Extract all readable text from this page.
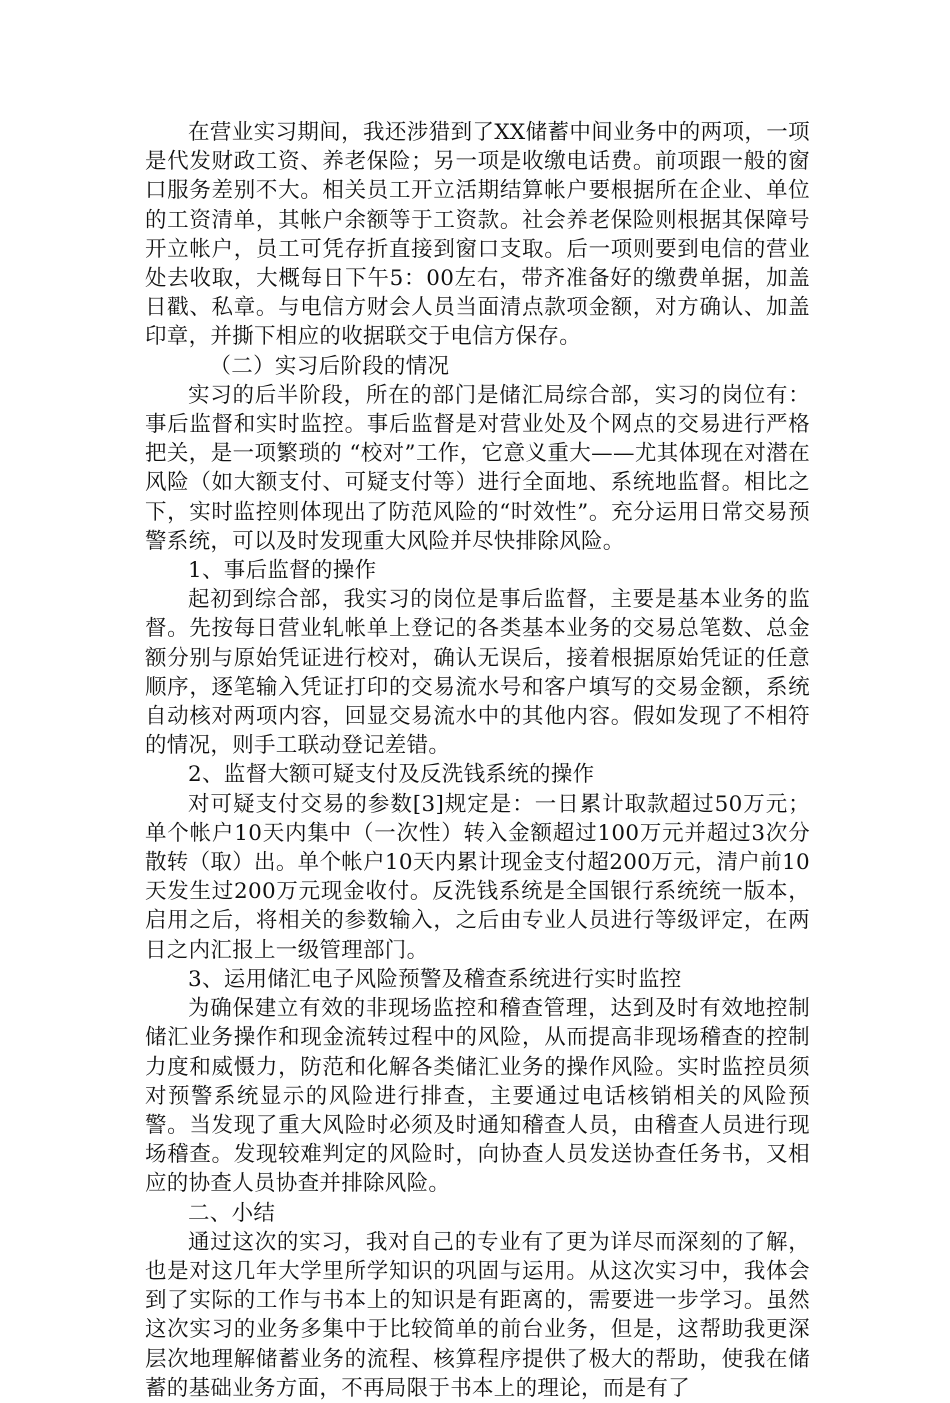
在营业实习期间，我还涉猎到了XX储蓄中间业务中的两项，一项是代发财政工资、养老保险；另一项是收缴电话费。前项跟一般的窗口服务差别不大。相关员工开立活期结算帐户要根据所在企业、单位的工资清单，其帐户余额等于工资款。社会养老保险则根据其保障号开立帐户，员工可凭存折直接到窗口支取。后一项则要到电信的营业处去收取，大概每日下午5：00左右，带齐准备好的缴费单据，加盖日戳、私章。与电信方财会人员当面清点款项金额，对方确认、加盖印章，并撕下相应的收据联交于电信方保存。

（二）实习后阶段的情况

实习的后半阶段，所在的部门是储汇局综合部，实习的岗位有：事后监督和实时监控。事后监督是对营业处及个网点的交易进行严格把关，是一项繁琐的 “校对”工作，它意义重大——尤其体现在对潜在风险（如大额支付、可疑支付等）进行全面地、系统地监督。相比之下，实时监控则体现出了防范风险的“时效性”。充分运用日常交易预警系统，可以及时发现重大风险并尽快排除风险。

1、事后监督的操作

起初到综合部，我实习的岗位是事后监督，主要是基本业务的监督。先按每日营业轧帐单上登记的各类基本业务的交易总笔数、总金额分别与原始凭证进行校对，确认无误后，接着根据原始凭证的任意顺序，逐笔输入凭证打印的交易流水号和客户填写的交易金额，系统自动核对两项内容，回显交易流水中的其他内容。假如发现了不相符的情况，则手工联动登记差错。

2、监督大额可疑支付及反洗钱系统的操作

对可疑支付交易的参数[3]规定是：一日累计取款超过50万元；单个帐户10天内集中（一次性）转入金额超过100万元并超过3次分散转（取）出。单个帐户10天内累计现金支付超200万元，清户前10天发生过200万元现金收付。反洗钱系统是全国银行系统统一版本，启用之后，将相关的参数输入，之后由专业人员进行等级评定，在两日之内汇报上一级管理部门。

3、运用储汇电子风险预警及稽查系统进行实时监控

为确保建立有效的非现场监控和稽查管理，达到及时有效地控制储汇业务操作和现金流转过程中的风险，从而提高非现场稽查的控制力度和威慑力，防范和化解各类储汇业务的操作风险。实时监控员须对预警系统显示的风险进行排查，主要通过电话核销相关的风险预警。当发现了重大风险时必须及时通知稽查人员，由稽查人员进行现场稽查。发现较难判定的风险时，向协查人员发送协查任务书，又相应的协查人员协查并排除风险。

二、小结

通过这次的实习，我对自己的专业有了更为详尽而深刻的了解，也是对这几年大学里所学知识的巩固与运用。从这次实习中，我体会到了实际的工作与书本上的知识是有距离的，需要进一步学习。虽然这次实习的业务多集中于比较简单的前台业务，但是，这帮助我更深层次地理解储蓄业务的流程、核算程序提供了极大的帮助，使我在储蓄的基础业务方面，不再局限于书本上的理论，而是有了
